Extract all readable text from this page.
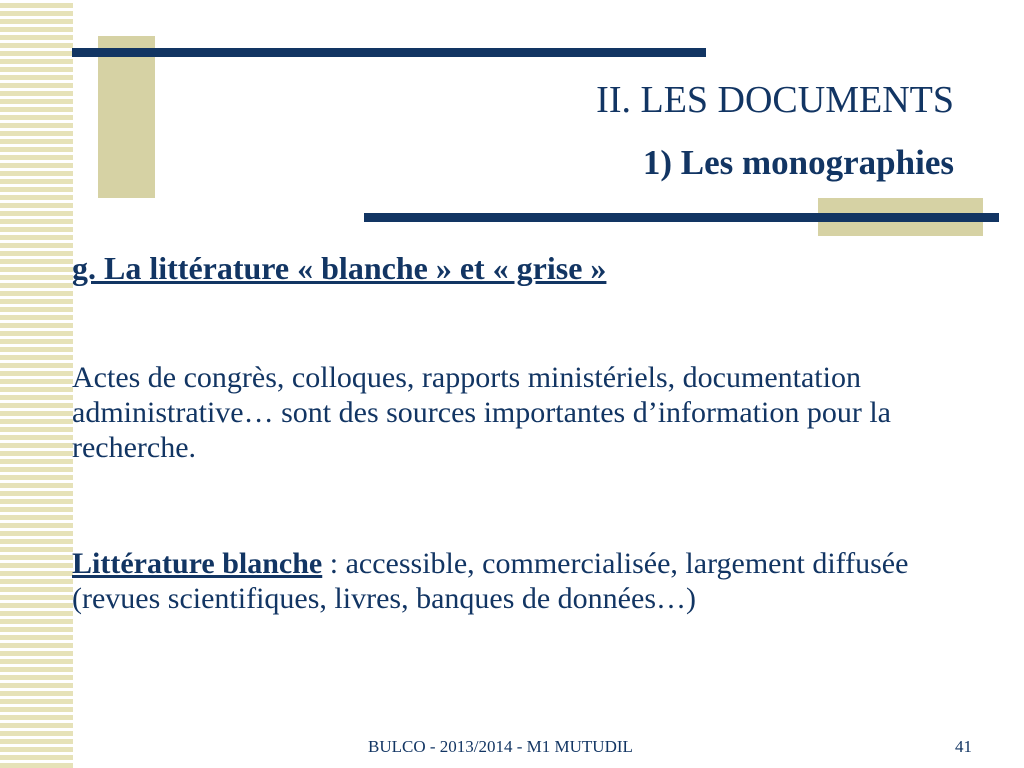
II. LES DOCUMENTS
1) Les monographies
g. La littérature « blanche » et « grise »
Actes de congrès, colloques, rapports ministériels, documentation administrative… sont des sources importantes d’information pour la recherche.
Littérature blanche : accessible, commercialisée, largement diffusée (revues scientifiques, livres, banques de données…)
BULCO - 2013/2014 - M1 MUTUDIL	41
